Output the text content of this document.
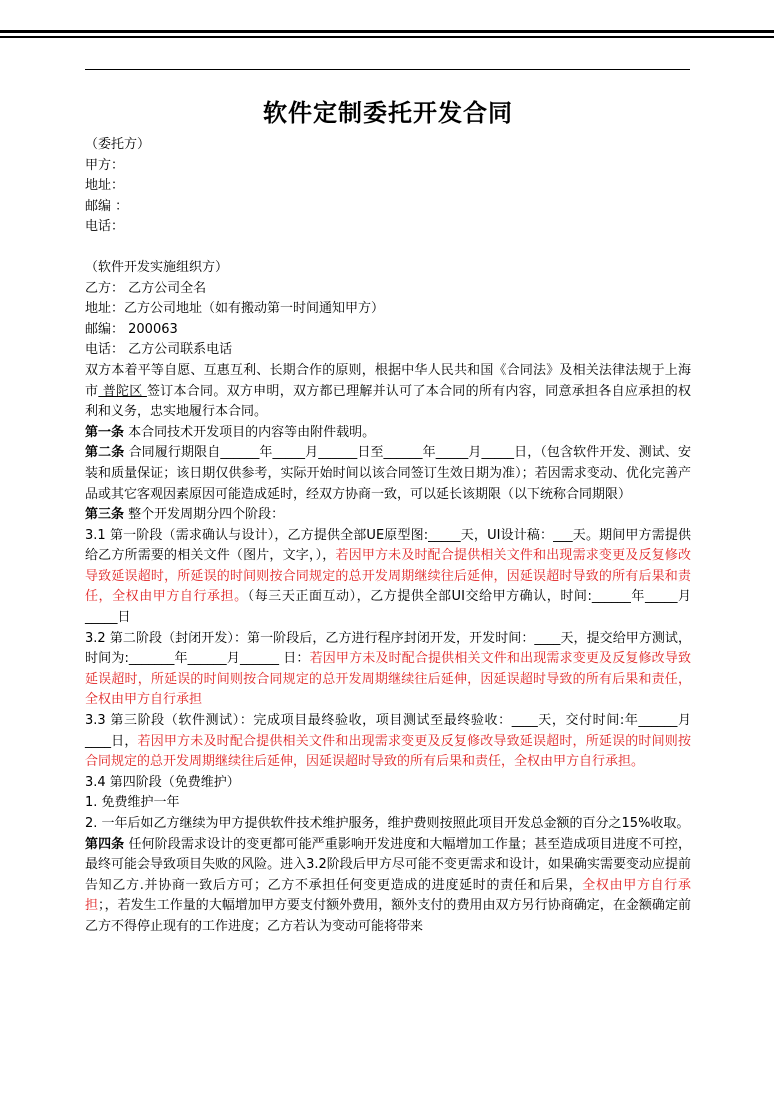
软件定制委托开发合同
（委托方）
甲方：
地址：
邮编 ：
电话：
（软件开发实施组织方）
乙方： 乙方公司全名
地址：乙方公司地址（如有搬动第一时间通知甲方）
邮编： 200063
电话： 乙方公司联系电话
双方本着平等自愿、互惠互利、长期合作的原则，根据中华人民共和国《合同法》及相关法律法规于上海市 普陀区 签订本合同。双方申明，双方都已理解并认可了本合同的所有内容，同意承担各自应承担的权利和义务，忠实地履行本合同。
第一条 本合同技术开发项目的内容等由附件载明。
第二条 合同履行期限自______年_____月______日至______年_____月_____日，（包含软件开发、测试、安装和质量保证；该日期仅供参考，实际开始时间以该合同签订生效日期为准）；若因需求变动、优化完善产品或其它客观因素原因可能造成延时，经双方协商一致，可以延长该期限（以下统称合同期限）
第三条 整个开发周期分四个阶段：
3.1 第一阶段（需求确认与设计），乙方提供全部UE原型图:_____天，UI设计稿：___天。期间甲方需提供给乙方所需要的相关文件（图片，文字，），若因甲方未及时配合提供相关文件和出现需求变更及反复修改导致延误超时，所延误的时间则按合同规定的总开发周期继续往后延伸，因延误超时导致的所有后果和责任，全权由甲方自行承担。（每三天正面互动），乙方提供全部UI交给甲方确认，时间:______年_____月_____日
3.2 第二阶段（封闭开发）：第一阶段后，乙方进行程序封闭开发，开发时间：____天，提交给甲方测试，时间为:_______年______月______ 日：若因甲方未及时配合提供相关文件和出现需求变更及反复修改导致延误超时，所延误的时间则按合同规定的总开发周期继续往后延伸，因延误超时导致的所有后果和责任，全权由甲方自行承担
3.3 第三阶段（软件测试）：完成项目最终验收，项目测试至最终验收：____天，交付时间:年______月____日，若因甲方未及时配合提供相关文件和出现需求变更及反复修改导致延误超时，所延误的时间则按合同规定的总开发周期继续往后延伸，因延误超时导致的所有后果和责任，全权由甲方自行承担。
3.4 第四阶段（免费维护）
1. 免费维护一年
2. 一年后如乙方继续为甲方提供软件技术维护服务，维护费则按照此项目开发总金额的百分之15%收取。
第四条 任何阶段需求设计的变更都可能严重影响开发进度和大幅增加工作量；甚至造成项目进度不可控，最终可能会导致项目失败的风险。进入3.2阶段后甲方尽可能不变更需求和设计，如果确实需要变动应提前告知乙方.并协商一致后方可；乙方不承担任何变更造成的进度延时的责任和后果，全权由甲方自行承担；，若发生工作量的大幅增加甲方要支付额外费用，额外支付的费用由双方另行协商确定，在金额确定前乙方不得停止现有的工作进度；乙方若认为变动可能将带来
